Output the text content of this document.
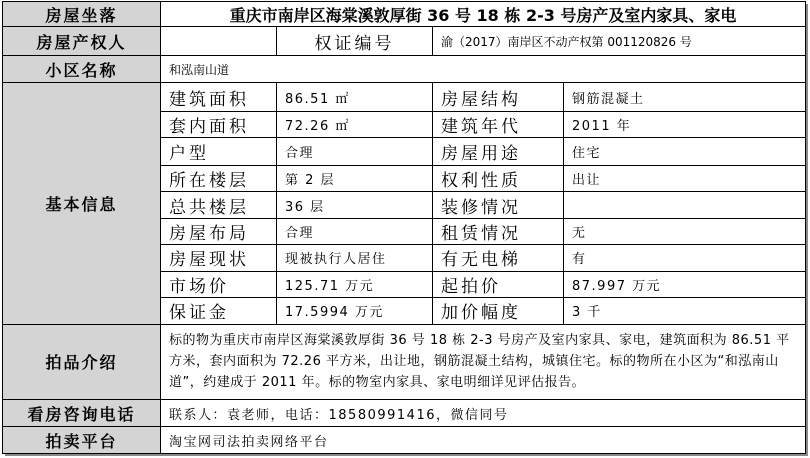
房屋坐落	重庆市南岸区海棠溪敦厚街 36 号 18 栋 2-3 号房产及室内家具、家电			
房屋产权人		权证编号	渝（2017）南岸区不动产权第 001120826 号	
小区名称	和泓南山道			
基本信息	建筑面积	86.51 ㎡	房屋结构	钢筋混凝土
	套内面积	72.26 ㎡	建筑年代	2011 年
	户型	合理	房屋用途	住宅
	所在楼层	第 2 层	权利性质	出让
	总共楼层	36 层	装修情况	
	房屋布局	合理	租赁情况	无
	房屋现状	现被执行人居住	有无电梯	有
	市场价	125.71 万元	起拍价	87.997 万元
	保证金	17.5994 万元	加价幅度	3 千
拍品介绍	标的物为重庆市南岸区海棠溪敦厚街 36 号 18 栋 2-3 号房产及室内家具、家电，建筑面积为 86.51 平方米，套内面积为 72.26 平方米，出让地，钢筋混凝土结构，城镇住宅。标的物所在小区为“和泓南山道”，约建成于 2011 年。标的物室内家具、家电明细详见评估报告。			
看房咨询电话	联系人：袁老师，电话：18580991416，微信同号			
拍卖平台	淘宝网司法拍卖网络平台			
